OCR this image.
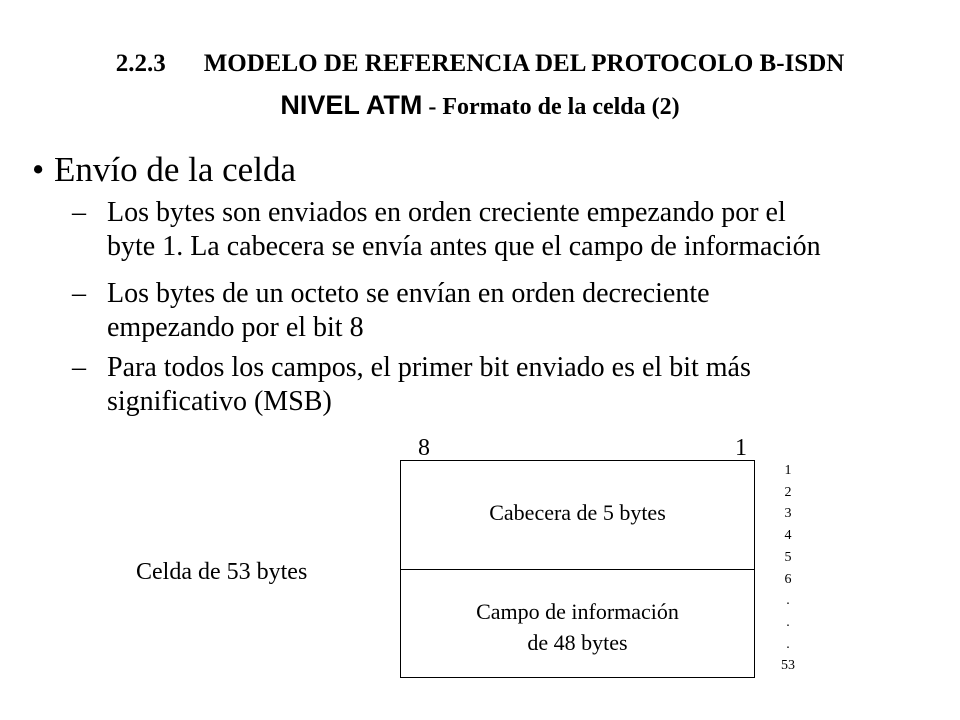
2.2.3 MODELO DE REFERENCIA DEL PROTOCOLO B-ISDN
NIVEL ATM - Formato de la celda (2)
• Envío de la celda
– Los bytes son enviados en orden creciente empezando por el
byte 1. La cabecera se envía antes que el campo de información
– Los bytes de un octeto se envían en orden decreciente
empezando por el bit 8
– Para todos los campos, el primer bit enviado es el bit más
significativo (MSB)
8	1
Celda de 53 bytes
Cabecera de 5 bytes
Campo de información
de 48 bytes
1
2
3
4
5
6
.
.
.
53
